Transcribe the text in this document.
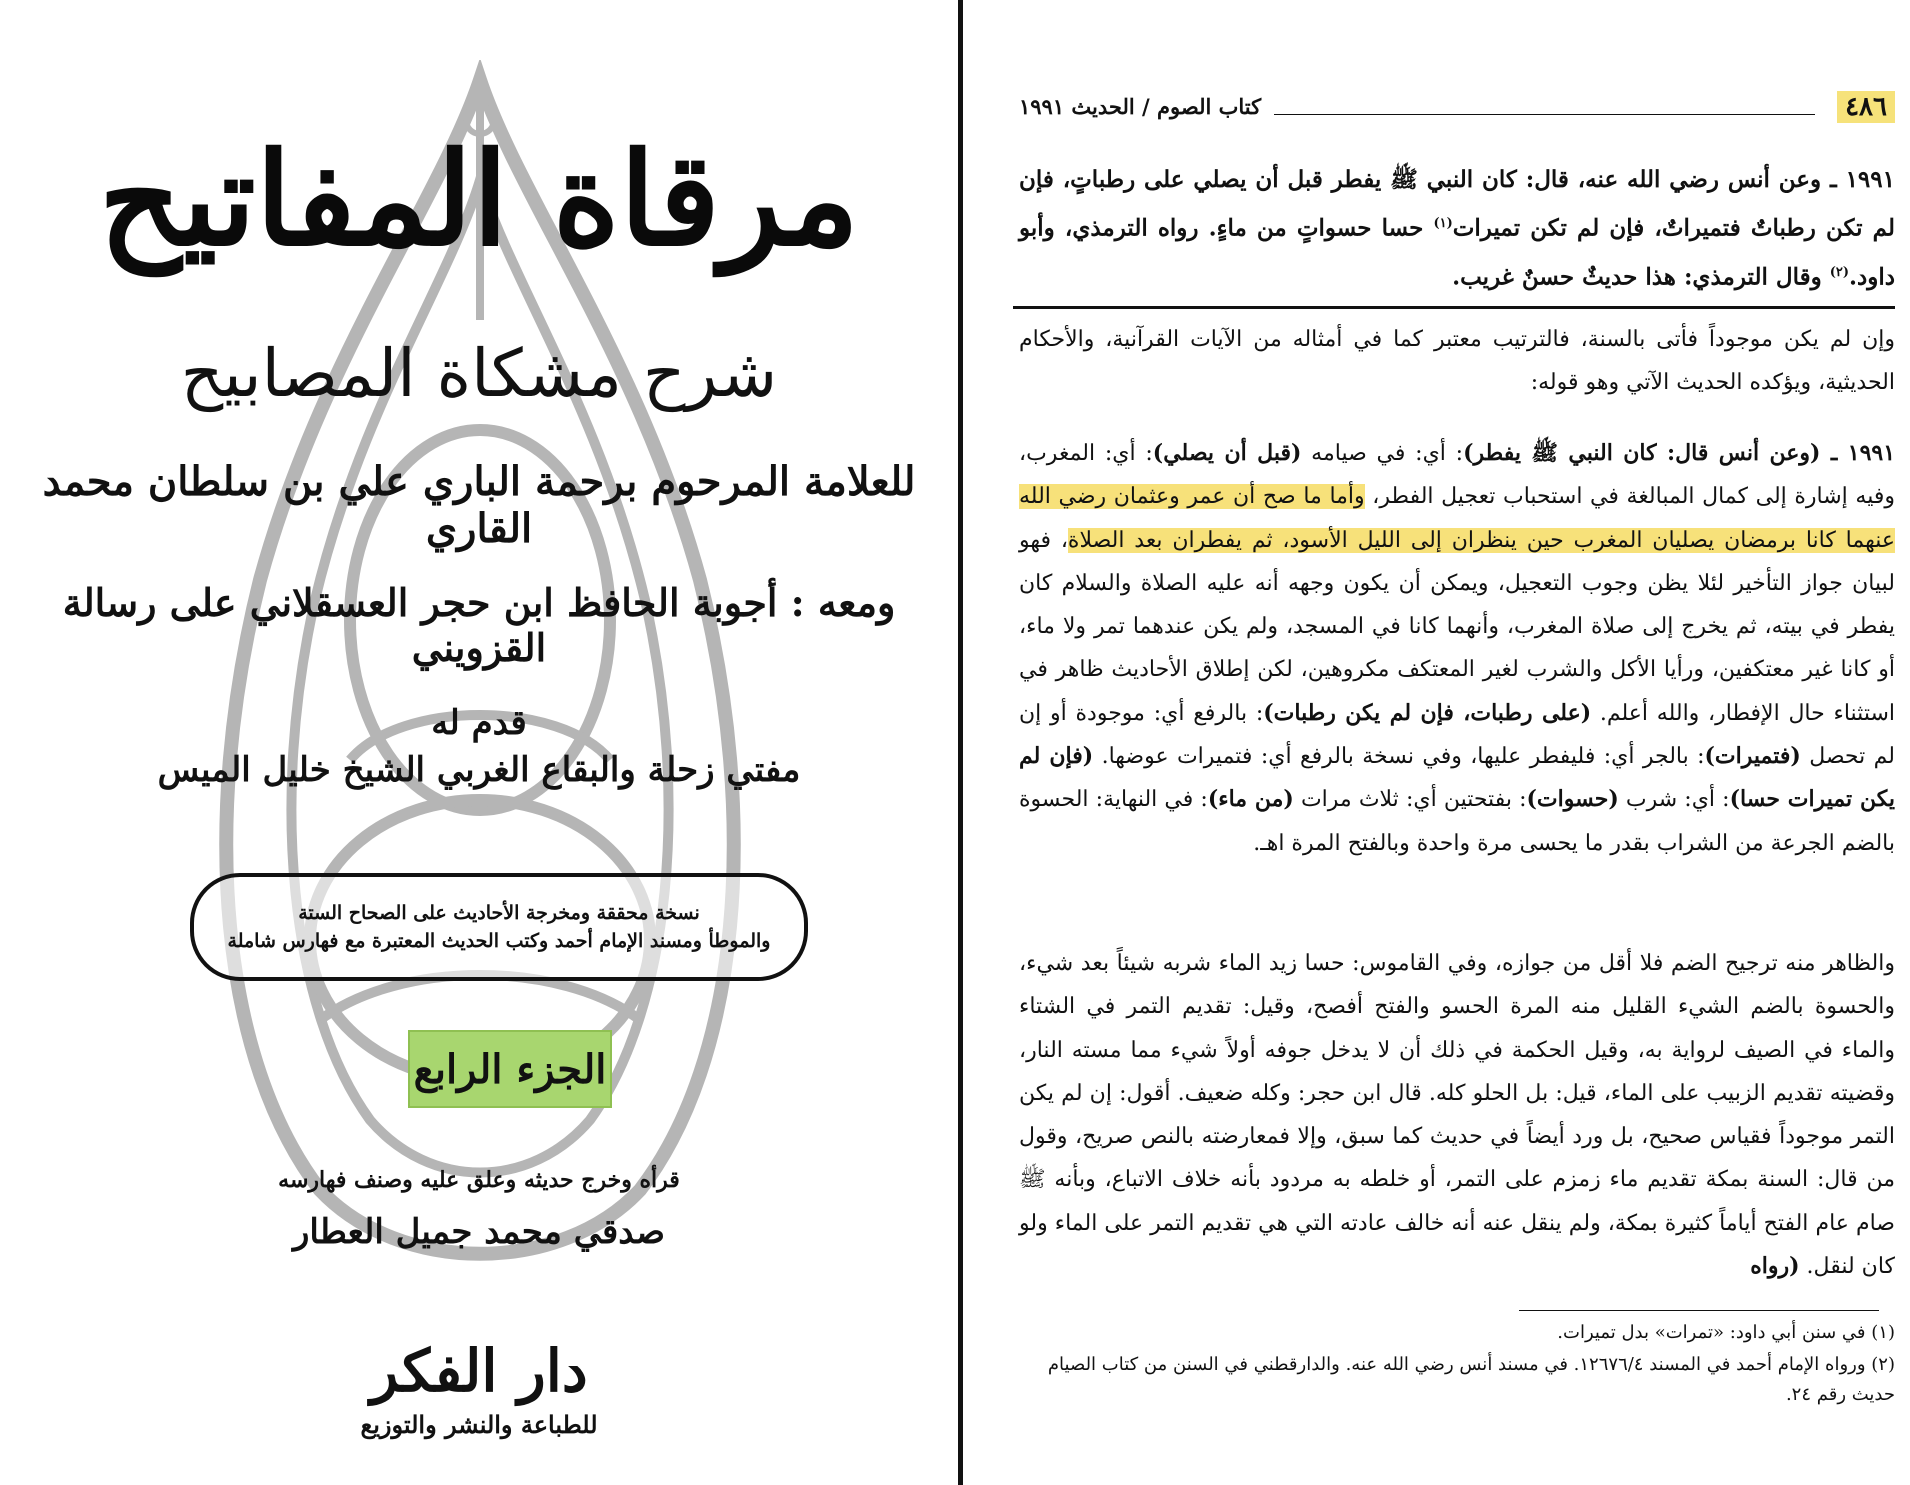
مرقاة المفاتيح
شرح مشكاة المصابيح
للعلامة المرحوم برحمة الباري علي بن سلطان محمد القاري
ومعه : أجوبة الحافظ ابن حجر العسقلاني على رسالة القزويني
قدم له
مفتي زحلة والبقاع الغربي الشيخ خليل الميس
نسخة محققة ومخرجة الأحاديث على الصحاح الستة
والموطأ ومسند الإمام أحمد وكتب الحديث المعتبرة مع فهارس شاملة
الجزء الرابع
قرأه وخرج حديثه وعلق عليه وصنف فهارسه
صدقي محمد جميل العطار
دار الفكر
للطباعة والنشر والتوزيع
٤٨٦
كتاب الصوم / الحديث ١٩٩١
١٩٩١ ـ وعن أنس رضي الله عنه، قال: كان النبي ﷺ يفطر قبل أن يصلي على رطباتٍ، فإن لم تكن رطباتٌ فتميراتٌ، فإن لم تكن تميرات$^{(١)}$ حسا حسواتٍ من ماءٍ. رواه الترمذي، وأبو داود.$^{(٢)}$ وقال الترمذي: هذا حديثٌ حسنٌ غريب.
وإن لم يكن موجوداً فأتى بالسنة، فالترتيب معتبر كما في أمثاله من الآيات القرآنية، والأحكام الحديثية، ويؤكده الحديث الآتي وهو قوله:
١٩٩١ ـ (وعن أنس قال: كان النبي ﷺ يفطر): أي: في صيامه (قبل أن يصلي): أي: المغرب، وفيه إشارة إلى كمال المبالغة في استحباب تعجيل الفطر، وأما ما صح أن عمر وعثمان رضي الله عنهما كانا برمضان يصليان المغرب حين ينظران إلى الليل الأسود، ثم يفطران بعد الصلاة، فهو لبيان جواز التأخير لئلا يظن وجوب التعجيل، ويمكن أن يكون وجهه أنه عليه الصلاة والسلام كان يفطر في بيته، ثم يخرج إلى صلاة المغرب، وأنهما كانا في المسجد، ولم يكن عندهما تمر ولا ماء، أو كانا غير معتكفين، ورأيا الأكل والشرب لغير المعتكف مكروهين، لكن إطلاق الأحاديث ظاهر في استثناء حال الإفطار، والله أعلم. (على رطبات، فإن لم يكن رطبات): بالرفع أي: موجودة أو إن لم تحصل (فتميرات): بالجر أي: فليفطر عليها، وفي نسخة بالرفع أي: فتميرات عوضها. (فإن لم يكن تميرات حسا): أي: شرب (حسوات): بفتحتين أي: ثلاث مرات (من ماء): في النهاية: الحسوة بالضم الجرعة من الشراب بقدر ما يحسى مرة واحدة وبالفتح المرة اهـ.
والظاهر منه ترجيح الضم فلا أقل من جوازه، وفي القاموس: حسا زيد الماء شربه شيئاً بعد شيء، والحسوة بالضم الشيء القليل منه المرة الحسو والفتح أفصح، وقيل: تقديم التمر في الشتاء والماء في الصيف لرواية به، وقيل الحكمة في ذلك أن لا يدخل جوفه أولاً شيء مما مسته النار، وقضيته تقديم الزبيب على الماء، قيل: بل الحلو كله. قال ابن حجر: وكله ضعيف. أقول: إن لم يكن التمر موجوداً فقياس صحيح، بل ورد أيضاً في حديث كما سبق، وإلا فمعارضته بالنص صريح، وقول من قال: السنة بمكة تقديم ماء زمزم على التمر، أو خلطه به مردود بأنه خلاف الاتباع، وبأنه ﷺ صام عام الفتح أياماً كثيرة بمكة، ولم ينقل عنه أنه خالف عادته التي هي تقديم التمر على الماء ولو كان لنقل. (رواه
(١) في سنن أبي داود: «تمرات» بدل تميرات.
(٢) ورواه الإمام أحمد في المسند ١٢٦٧٦/٤. في مسند أنس رضي الله عنه. والدارقطني في السنن من كتاب الصيام حديث رقم ٢٤.
